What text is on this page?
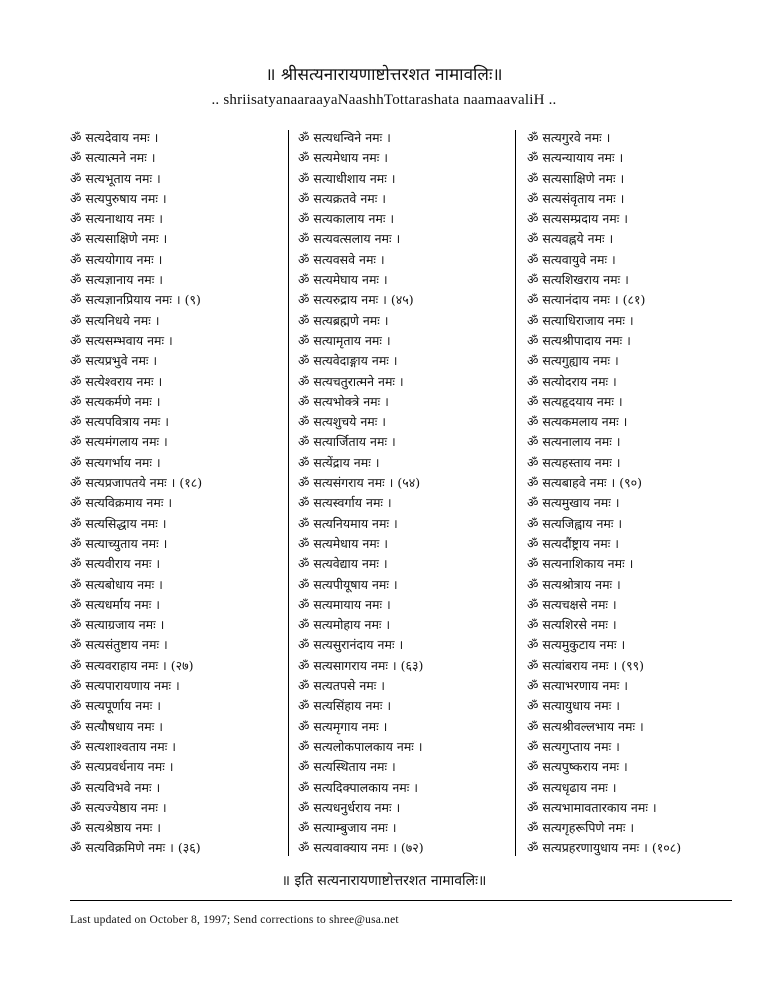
॥ श्रीसत्यनारायणाष्टोत्तरशत नामावलिः॥
.. shriisatyanaaraayaNaashhTottarashata naamaavaliH ..
ॐ सत्यदेवाय नमः ।
ॐ सत्यात्मने नमः ।
ॐ सत्यभूताय नमः ।
ॐ सत्यपुरुषाय नमः ।
ॐ सत्यनाथाय नमः ।
ॐ सत्यसाक्षिणे नमः ।
ॐ सत्ययोगाय नमः ।
ॐ सत्यज्ञानाय नमः ।
ॐ सत्यज्ञानप्रियाय नमः । (९)
ॐ सत्यनिधये नमः ।
ॐ सत्यसम्भवाय नमः ।
ॐ सत्यप्रभुवे नमः ।
ॐ सत्येश्वराय नमः ।
ॐ सत्यकर्मणे नमः ।
ॐ सत्यपवित्राय नमः ।
ॐ सत्यमंगलाय नमः ।
ॐ सत्यगर्भाय नमः ।
ॐ सत्यप्रजापतये नमः । (१८)
ॐ सत्यविक्रमाय नमः ।
ॐ सत्यसिद्धाय नमः ।
ॐ सत्याच्युताय नमः ।
ॐ सत्यवीराय नमः ।
ॐ सत्यबोधाय नमः ।
ॐ सत्यधर्माय नमः ।
ॐ सत्याग्रजाय नमः ।
ॐ सत्यसंतुष्टाय नमः ।
ॐ सत्यवराहाय नमः । (२७)
ॐ सत्यपारायणाय नमः ।
ॐ सत्यपूर्णाय नमः ।
ॐ सत्यौषधाय नमः ।
ॐ सत्यशाश्वताय नमः ।
ॐ सत्यप्रवर्धनाय नमः ।
ॐ सत्यविभवे नमः ।
ॐ सत्यज्येष्ठाय नमः ।
ॐ सत्यश्रेष्ठाय नमः ।
ॐ सत्यविक्रमिणे नमः । (३६)
ॐ सत्यधन्विने नमः ।
ॐ सत्यमेधाय नमः ।
ॐ सत्याधीशाय नमः ।
ॐ सत्यक्रतवे नमः ।
ॐ सत्यकालाय नमः ।
ॐ सत्यवत्सलाय नमः ।
ॐ सत्यवसवे नमः ।
ॐ सत्यमेघाय नमः ।
ॐ सत्यरुद्राय नमः । (४५)
ॐ सत्यब्रह्मणे नमः ।
ॐ सत्यामृताय नमः ।
ॐ सत्यवेदाङ्गाय नमः ।
ॐ सत्यचतुरात्मने नमः ।
ॐ सत्यभोक्त्रे नमः ।
ॐ सत्यशुचये नमः ।
ॐ सत्यार्जिताय नमः ।
ॐ सत्येंद्राय नमः ।
ॐ सत्यसंगराय नमः । (५४)
ॐ सत्यस्वर्गाय नमः ।
ॐ सत्यनियमाय नमः ।
ॐ सत्यमेधाय नमः ।
ॐ सत्यवेद्याय नमः ।
ॐ सत्यपीयूषाय नमः ।
ॐ सत्यमायाय नमः ।
ॐ सत्यमोहाय नमः ।
ॐ सत्यसुरानंदाय नमः ।
ॐ सत्यसागराय नमः । (६३)
ॐ सत्यतपसे नमः ।
ॐ सत्यसिंहाय नमः ।
ॐ सत्यमृगाय नमः ।
ॐ सत्यलोकपालकाय नमः ।
ॐ सत्यस्थिताय नमः ।
ॐ सत्यदिक्पालकाय नमः ।
ॐ सत्यधनुर्धराय नमः ।
ॐ सत्याम्बुजाय नमः ।
ॐ सत्यवाक्याय नमः । (७२)
ॐ सत्यगुरवे नमः ।
ॐ सत्यन्यायाय नमः ।
ॐ सत्यसाक्षिणे नमः ।
ॐ सत्यसंवृताय नमः ।
ॐ सत्यसम्प्रदाय नमः ।
ॐ सत्यवह्नये नमः ।
ॐ सत्यवायुवे नमः ।
ॐ सत्यशिखराय नमः ।
ॐ सत्यानंदाय नमः । (८१)
ॐ सत्याधिराजाय नमः ।
ॐ सत्यश्रीपादाय नमः ।
ॐ सत्यगुह्याय नमः ।
ॐ सत्योदराय नमः ।
ॐ सत्यहृदयाय नमः ।
ॐ सत्यकमलाय नमः ।
ॐ सत्यनालाय नमः ।
ॐ सत्यहस्ताय नमः ।
ॐ सत्यबाहवे नमः । (९०)
ॐ सत्यमुखाय नमः ।
ॐ सत्यजिह्वाय नमः ।
ॐ सत्यदौंष्ट्राय नमः ।
ॐ सत्यनाशिकाय नमः ।
ॐ सत्यश्रोत्राय नमः ।
ॐ सत्यचक्षसे नमः ।
ॐ सत्यशिरसे नमः ।
ॐ सत्यमुकुटाय नमः ।
ॐ सत्यांबराय नमः । (९९)
ॐ सत्याभरणाय नमः ।
ॐ सत्यायुधाय नमः ।
ॐ सत्यश्रीवल्लभाय नमः ।
ॐ सत्यगुप्ताय नमः ।
ॐ सत्यपुष्कराय नमः ।
ॐ सत्यधृढाय नमः ।
ॐ सत्यभामावतारकाय नमः ।
ॐ सत्यगृहरूपिणे नमः ।
ॐ सत्यप्रहरणायुधाय नमः । (१०८)
॥ इति सत्यनारायणाष्टोत्तरशत नामावलिः॥
Last updated on October 8, 1997; Send corrections to shree@usa.net
